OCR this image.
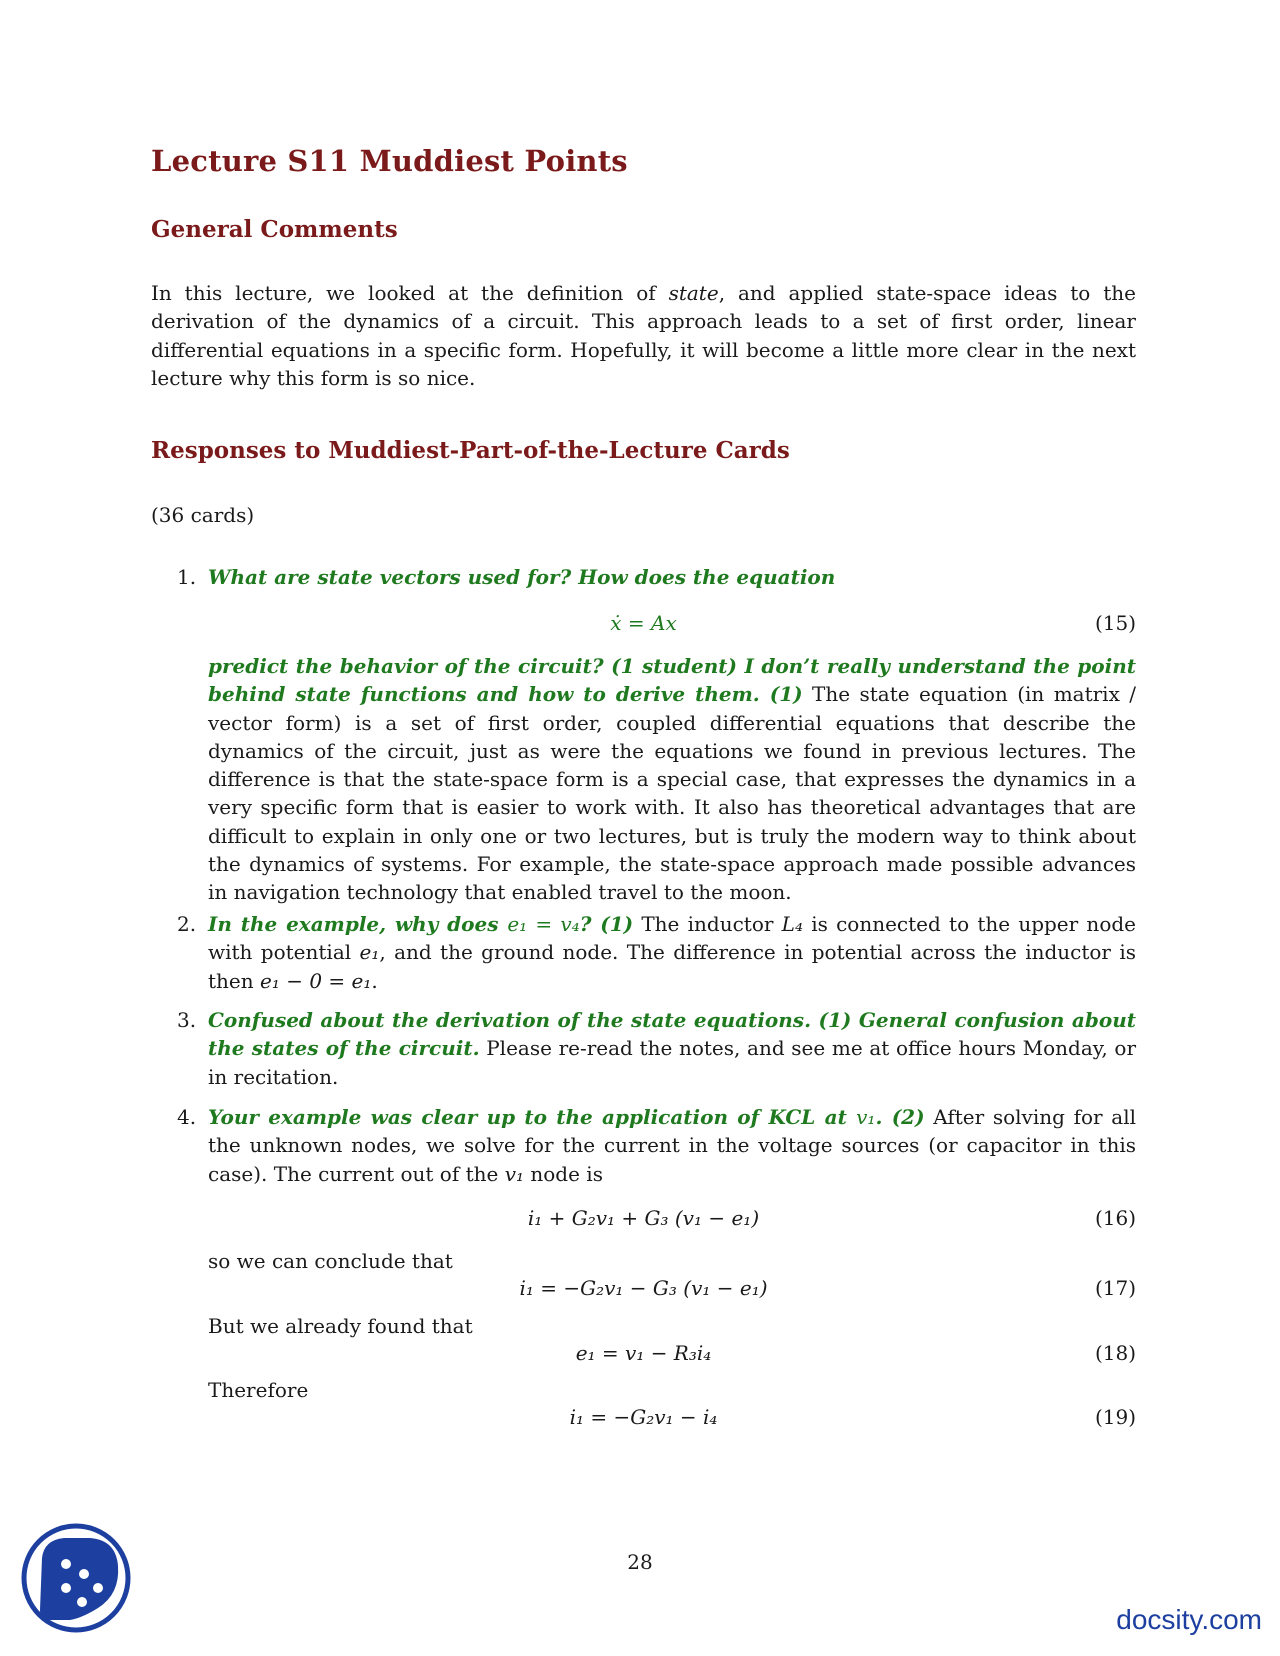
Lecture S11 Muddiest Points
General Comments

In this lecture, we looked at the definition of state, and applied state-space ideas to the derivation of the dynamics of a circuit. This approach leads to a set of first order, linear differential equations in a specific form. Hopefully, it will become a little more clear in the next lecture why this form is so nice.

Responses to Muddiest-Part-of-the-Lecture Cards

(36 cards)

1. What are state vectors used for? How does the equation
ẋ = Ax	(15)
predict the behavior of the circuit? (1 student) I don’t really understand the point behind state functions and how to derive them. (1) The state equation (in matrix / vector form) is a set of first order, coupled differential equations that describe the dynamics of the circuit, just as were the equations we found in previous lectures. The difference is that the state-space form is a special case, that expresses the dynamics in a very specific form that is easier to work with. It also has theoretical advantages that are difficult to explain in only one or two lectures, but is truly the modern way to think about the dynamics of systems. For example, the state-space approach made possible advances in navigation technology that enabled travel to the moon.
2. In the example, why does e₁ = v₄? (1) The inductor L₄ is connected to the upper node with potential e₁, and the ground node. The difference in potential across the inductor is then e₁ − 0 = e₁.
3. Confused about the derivation of the state equations. (1) General confusion about the states of the circuit. Please re-read the notes, and see me at office hours Monday, or in recitation.
4. Your example was clear up to the application of KCL at v₁. (2) After solving for all the unknown nodes, we solve for the current in the voltage sources (or capacitor in this case). The current out of the v₁ node is
i₁ + G₂v₁ + G₃ (v₁ − e₁)	(16)
so we can conclude that
i₁ = −G₂v₁ − G₃ (v₁ − e₁)	(17)
But we already found that
e₁ = v₁ − R₃i₄	(18)
Therefore
i₁ = −G₂v₁ − i₄	(19)
28
docsity.com
